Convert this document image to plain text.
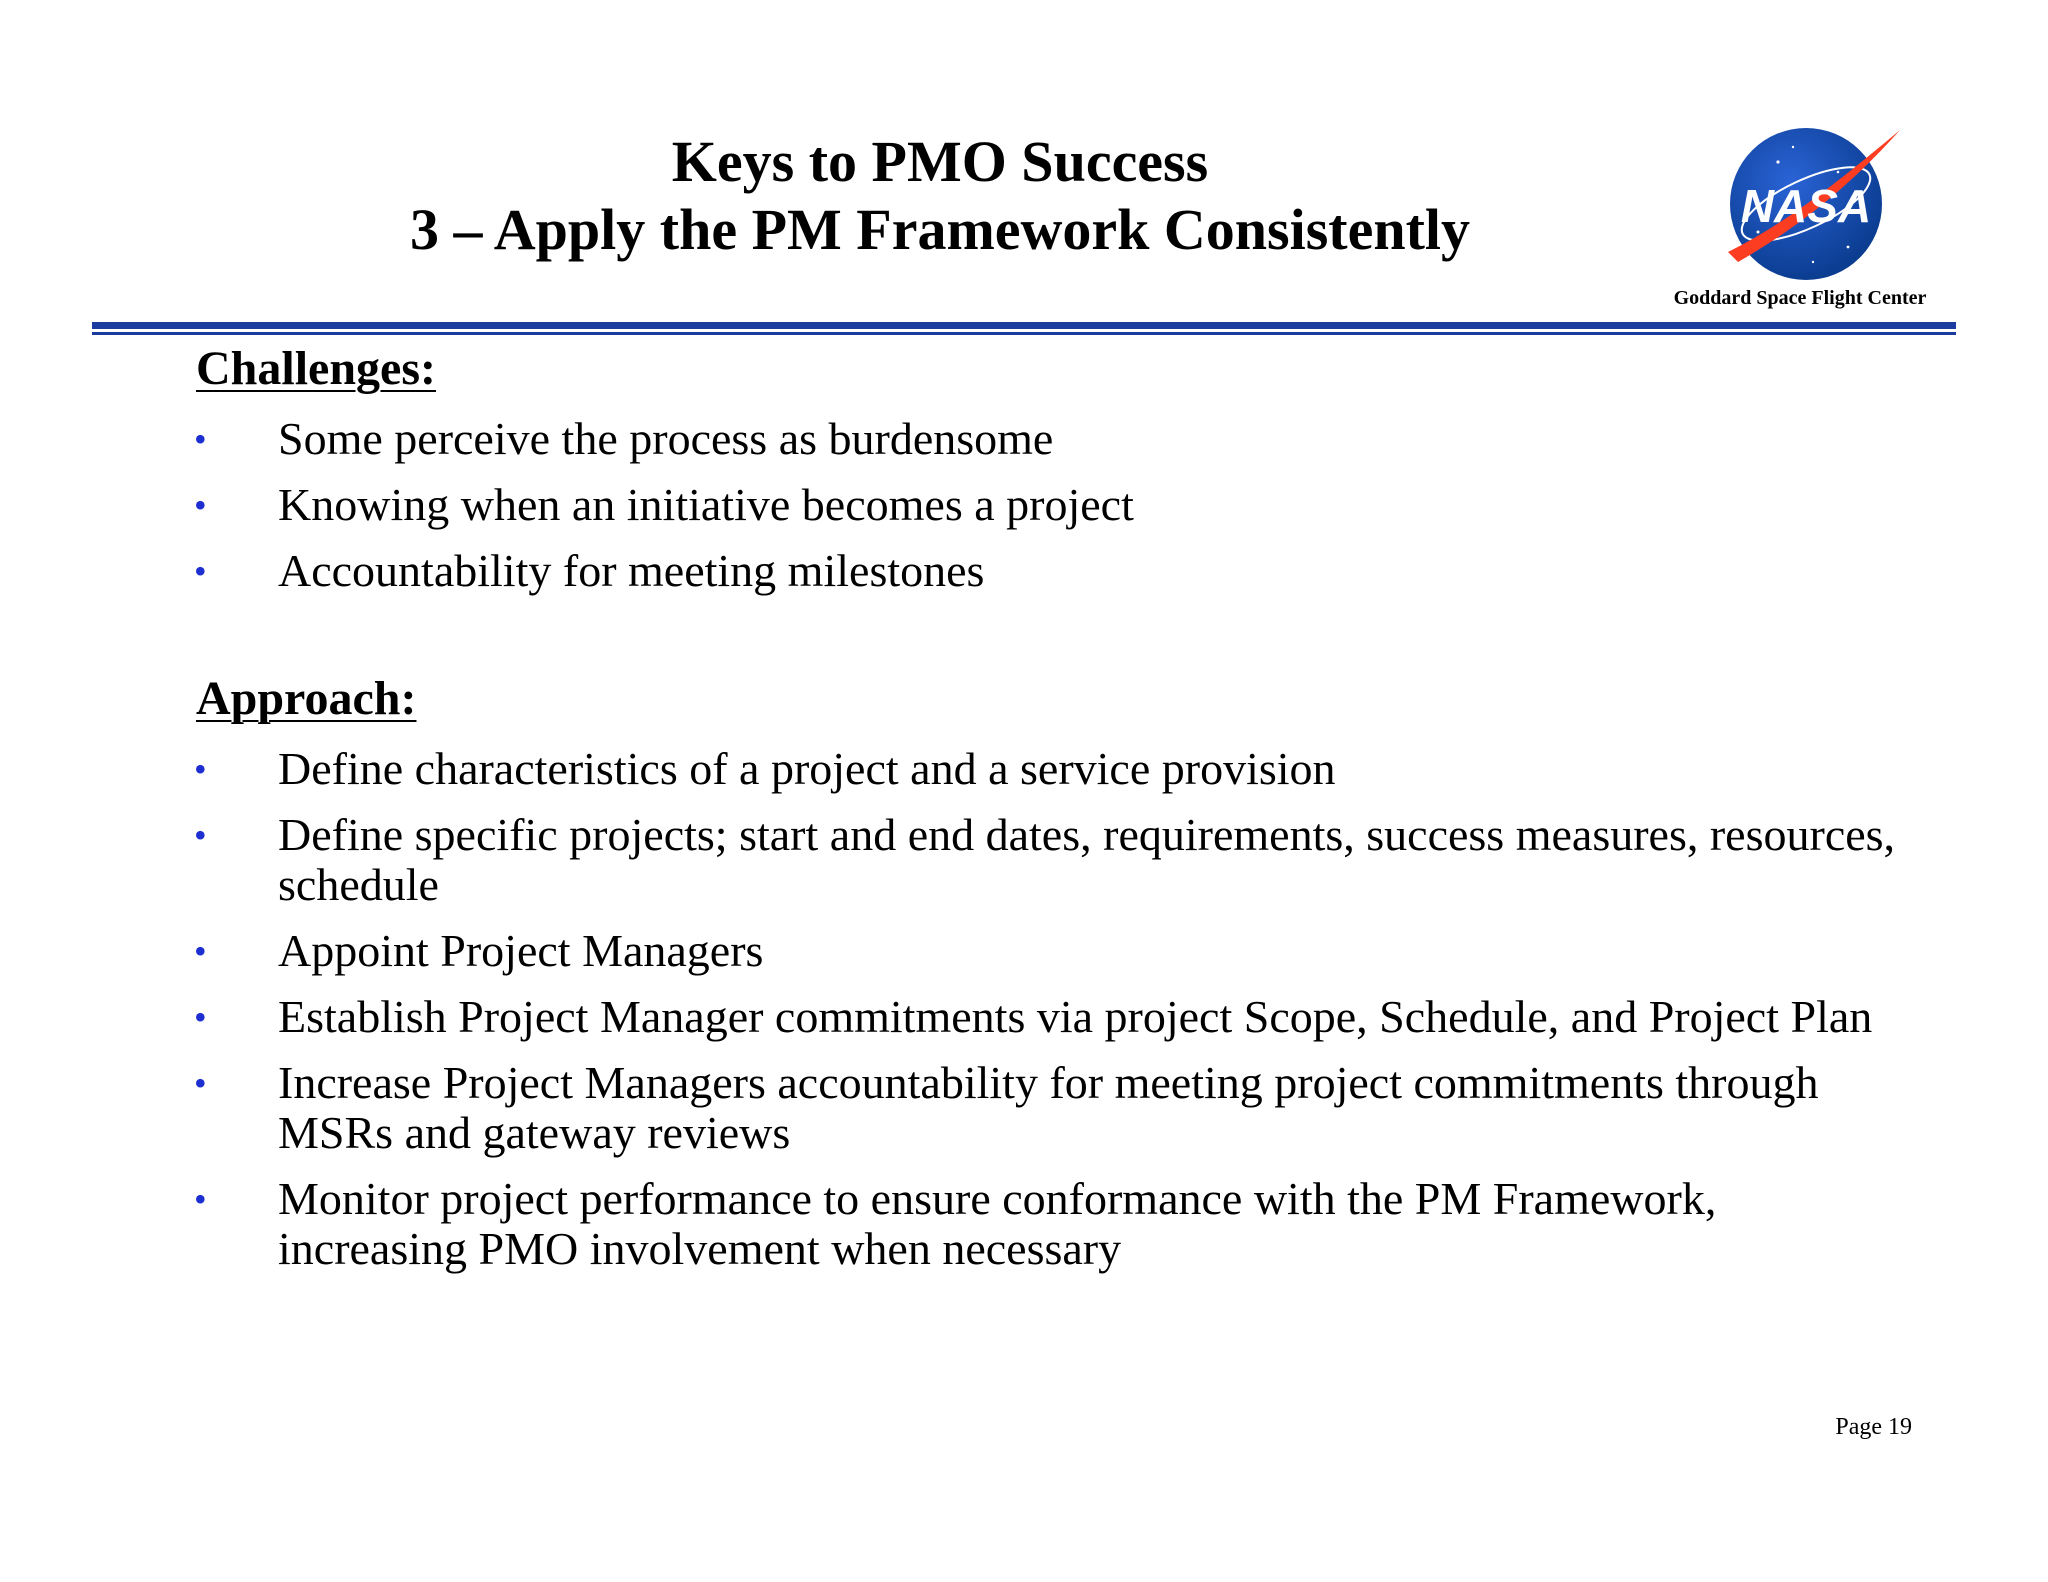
Keys to PMO Success
3 – Apply the PM Framework Consistently	NASA
Goddard Space Flight Center
Challenges:
• Some perceive the process as burdensome
• Knowing when an initiative becomes a project
• Accountability for meeting milestones
Approach:
• Define characteristics of a project and a service provision
• Define specific projects; start and end dates, requirements, success measures, resources, schedule
• Appoint Project Managers
• Establish Project Manager commitments via project Scope, Schedule, and Project Plan
• Increase Project Managers accountability for meeting project commitments through MSRs and gateway reviews
• Monitor project performance to ensure conformance with the PM Framework, increasing PMO involvement when necessary
Page 19
